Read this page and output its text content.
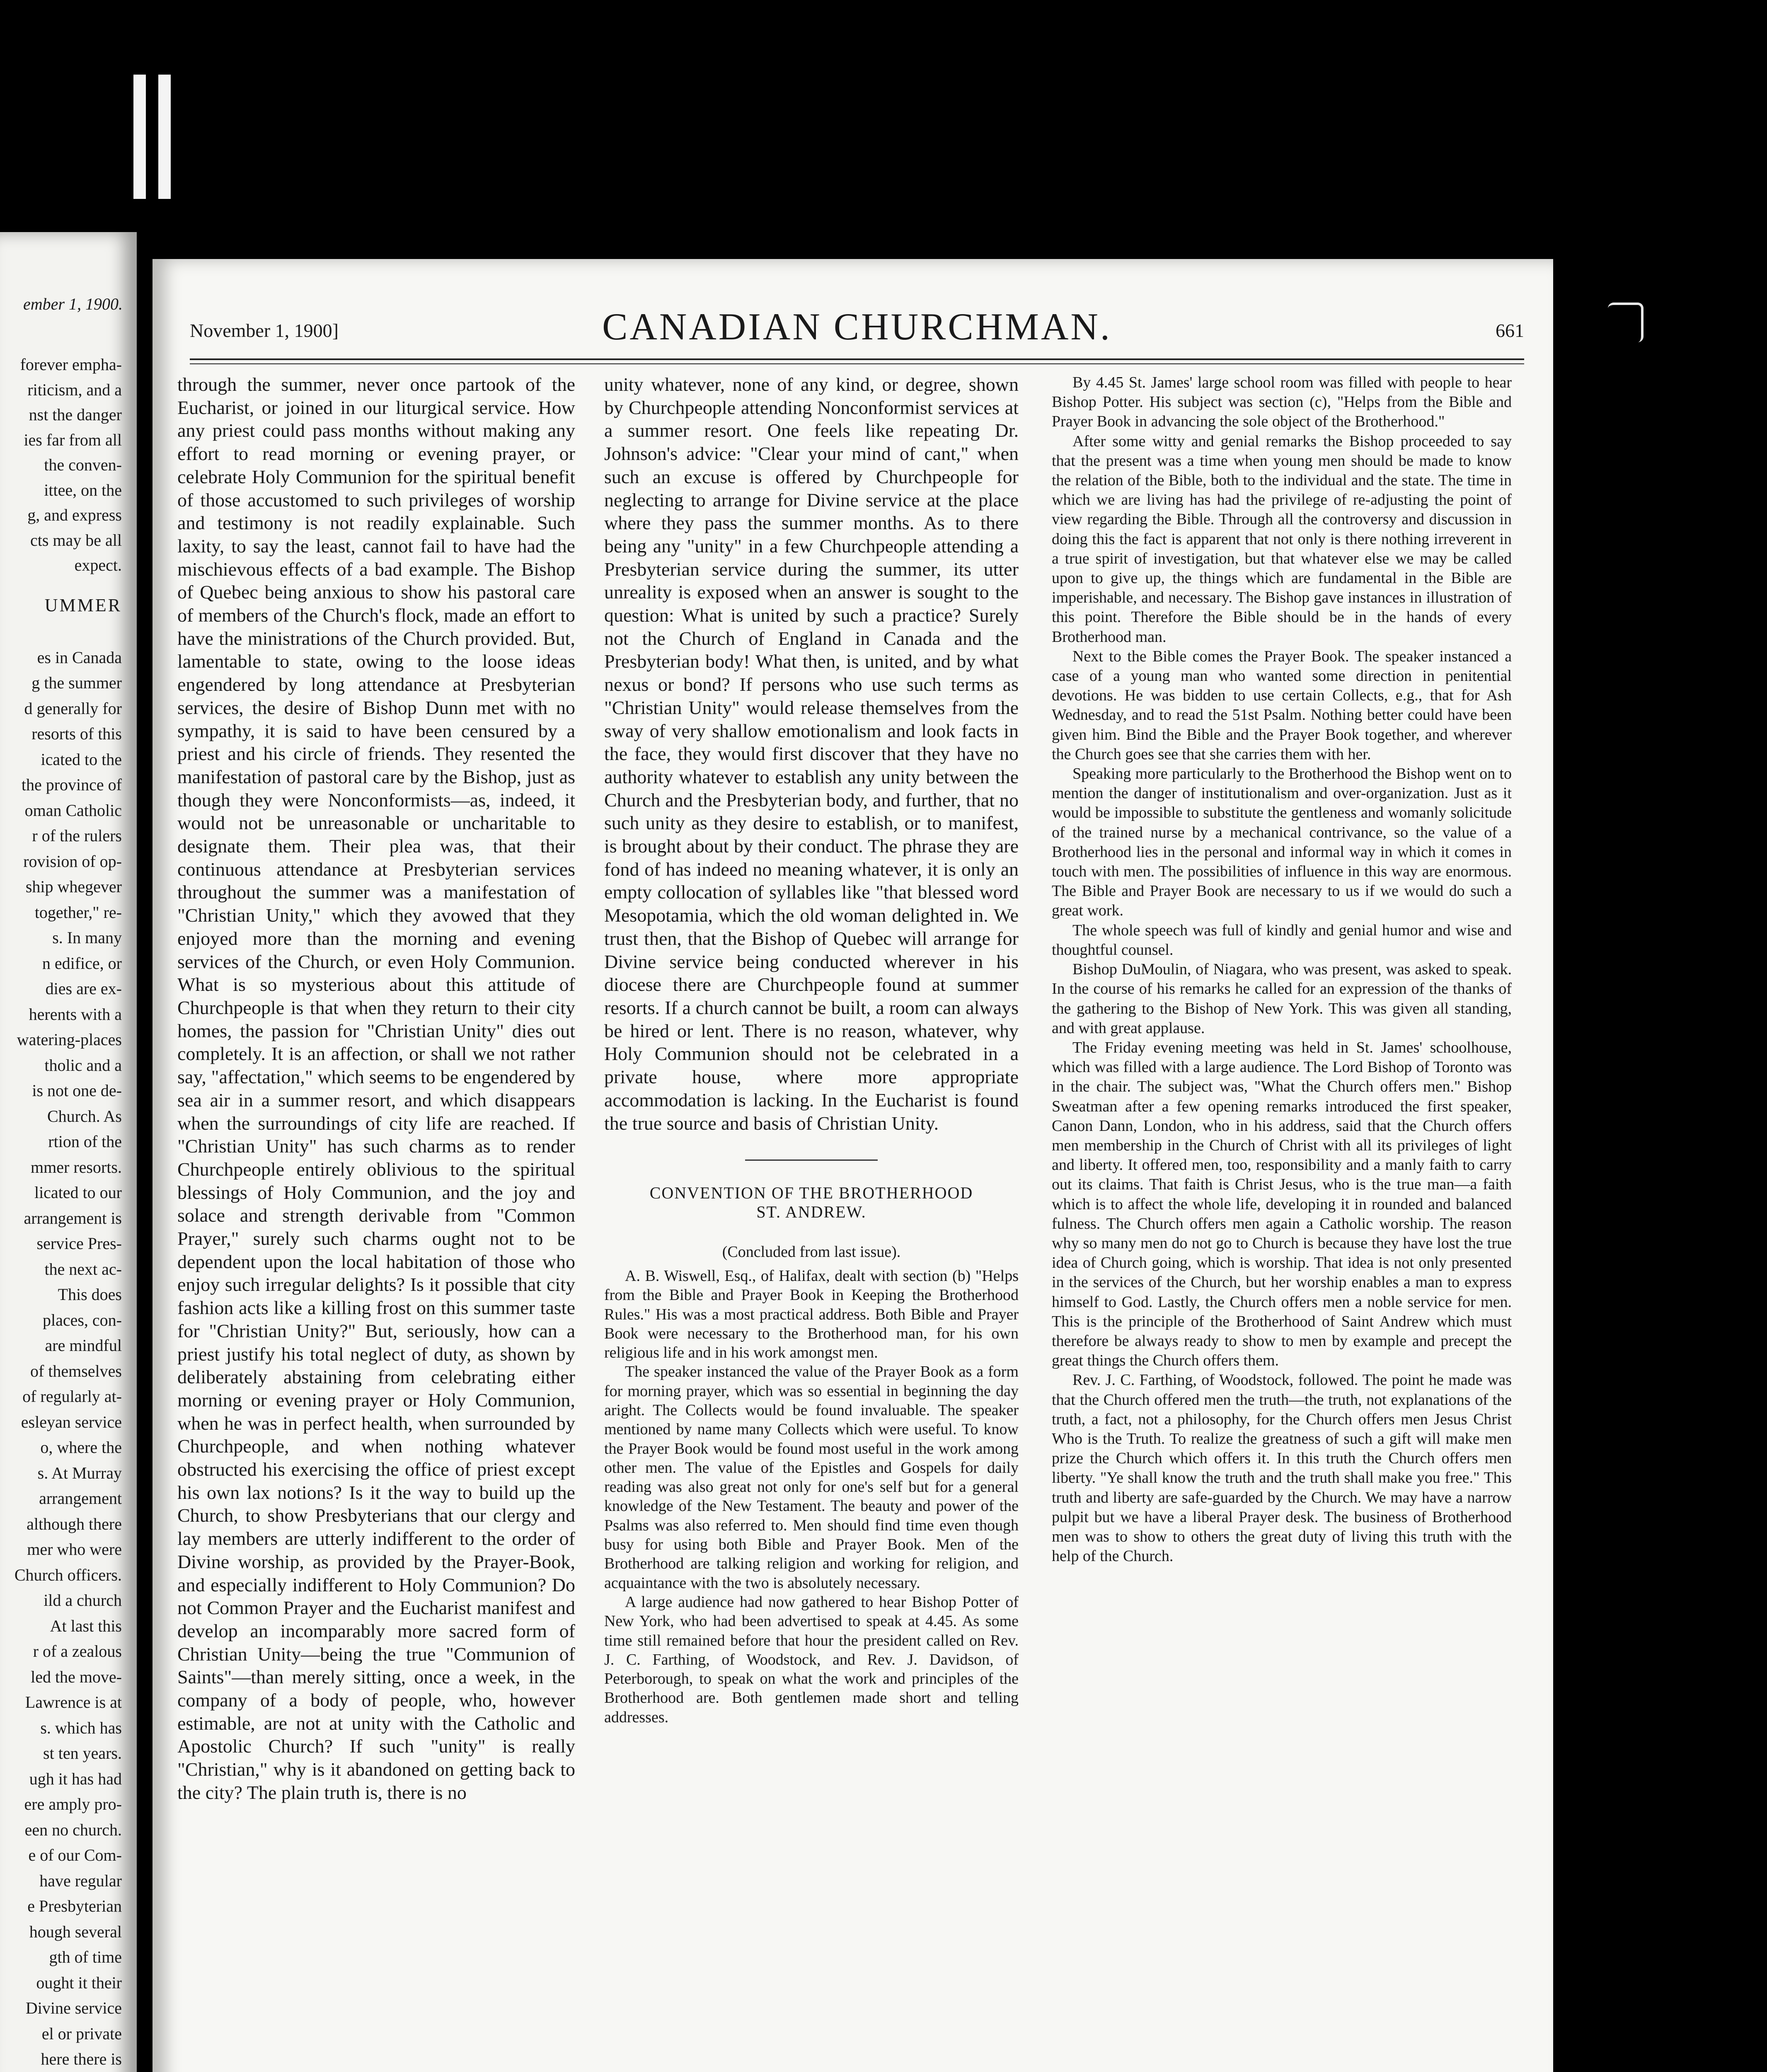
ember 1, 1900.
forever empha-
riticism, and a
nst the danger
ies far from all
the conven-
ittee, on the
g, and express
cts may be all
expect.
UMMER
es in Canada
g the summer
d generally for
resorts of this
icated to the
the province of
oman Catholic
r of the rulers
rovision of op-
ship whegever
together," re-
s. In many
n edifice, or
dies are ex-
herents with a
watering-places
tholic and a
is not one de-
Church. As
rtion of the
mmer resorts.
licated to our
arrangement is
service Pres-
the next ac-
This does
places, con-
are mindful
of themselves
of regularly at-
esleyan service
o, where the
s. At Murray
arrangement
although there
mer who were
Church officers.
ild a church
At last this
r of a zealous
led the move-
Lawrence is at
s. which has
st ten years.
ugh it has had
ere amply pro-
een no church.
e of our Com-
have regular
e Presbyterian
hough several
gth of time
ought it their
Divine service
el or private
here there is
November 1, 1900]	CANADIAN CHURCHMAN.	661

through the summer, never once partook of the Eucharist, or joined in our liturgical service. How any priest could pass months without making any effort to read morning or evening prayer, or celebrate Holy Communion for the spiritual benefit of those accustomed to such privileges of worship and testimony is not readily explainable. Such laxity, to say the least, cannot fail to have had the mischievous effects of a bad example. The Bishop of Quebec being anxious to show his pastoral care of members of the Church's flock, made an effort to have the ministrations of the Church provided. But, lamentable to state, owing to the loose ideas engendered by long attendance at Presbyterian services, the desire of Bishop Dunn met with no sympathy, it is said to have been censured by a priest and his circle of friends. They resented the manifestation of pastoral care by the Bishop, just as though they were Nonconformists—as, indeed, it would not be unreasonable or uncharitable to designate them. Their plea was, that their continuous attendance at Presbyterian services throughout the summer was a manifestation of "Christian Unity," which they avowed that they enjoyed more than the morning and evening services of the Church, or even Holy Communion. What is so mysterious about this attitude of Churchpeople is that when they return to their city homes, the passion for "Christian Unity" dies out completely. It is an affection, or shall we not rather say, "affectation," which seems to be engendered by sea air in a summer resort, and which disappears when the surroundings of city life are reached. If "Christian Unity" has such charms as to render Churchpeople entirely oblivious to the spiritual blessings of Holy Communion, and the joy and solace and strength derivable from "Common Prayer," surely such charms ought not to be dependent upon the local habitation of those who enjoy such irregular delights? Is it possible that city fashion acts like a killing frost on this summer taste for "Christian Unity?" But, seriously, how can a priest justify his total neglect of duty, as shown by deliberately abstaining from celebrating either morning or evening prayer or Holy Communion, when he was in perfect health, when surrounded by Churchpeople, and when nothing whatever obstructed his exercising the office of priest except his own lax notions? Is it the way to build up the Church, to show Presbyterians that our clergy and lay members are utterly indifferent to the order of Divine worship, as provided by the Prayer-Book, and especially indifferent to Holy Communion? Do not Common Prayer and the Eucharist manifest and develop an incomparably more sacred form of Christian Unity—being the true "Communion of Saints"—than merely sitting, once a week, in the company of a body of people, who, however estimable, are not at unity with the Catholic and Apostolic Church? If such "unity" is really "Christian," why is it abandoned on getting back to the city? The plain truth is, there is no

unity whatever, none of any kind, or degree, shown by Churchpeople attending Nonconformist services at a summer resort. One feels like repeating Dr. Johnson's advice: "Clear your mind of cant," when such an excuse is offered by Churchpeople for neglecting to arrange for Divine service at the place where they pass the summer months. As to there being any "unity" in a few Churchpeople attending a Presbyterian service during the summer, its utter unreality is exposed when an answer is sought to the question: What is united by such a practice? Surely not the Church of England in Canada and the Presbyterian body! What then, is united, and by what nexus or bond? If persons who use such terms as "Christian Unity" would release themselves from the sway of very shallow emotionalism and look facts in the face, they would first discover that they have no authority whatever to establish any unity between the Church and the Presbyterian body, and further, that no such unity as they desire to establish, or to manifest, is brought about by their conduct. The phrase they are fond of has indeed no meaning whatever, it is only an empty collocation of syllables like "that blessed word Mesopotamia, which the old woman delighted in. We trust then, that the Bishop of Quebec will arrange for Divine service being conducted wherever in his diocese there are Churchpeople found at summer resorts. If a church cannot be built, a room can always be hired or lent. There is no reason, whatever, why Holy Communion should not be celebrated in a private house, where more appropriate accommodation is lacking. In the Eucharist is found the true source and basis of Christian Unity.

CONVENTION OF THE BROTHERHOOD
ST. ANDREW.
(Concluded from last issue).

A. B. Wiswell, Esq., of Halifax, dealt with section (b) "Helps from the Bible and Prayer Book in Keeping the Brotherhood Rules." His was a most practical address. Both Bible and Prayer Book were necessary to the Brotherhood man, for his own religious life and in his work amongst men.

The speaker instanced the value of the Prayer Book as a form for morning prayer, which was so essential in beginning the day aright. The Collects would be found invaluable. The speaker mentioned by name many Collects which were useful. To know the Prayer Book would be found most useful in the work among other men. The value of the Epistles and Gospels for daily reading was also great not only for one's self but for a general knowledge of the New Testament. The beauty and power of the Psalms was also referred to. Men should find time even though busy for using both Bible and Prayer Book. Men of the Brotherhood are talking religion and working for religion, and acquaintance with the two is absolutely necessary.

A large audience had now gathered to hear Bishop Potter of New York, who had been advertised to speak at 4.45. As some time still remained before that hour the president called on Rev. J. C. Farthing, of Woodstock, and Rev. J. Davidson, of Peterborough, to speak on what the work and principles of the Brotherhood are. Both gentlemen made short and telling addresses.

By 4.45 St. James' large school room was filled with people to hear Bishop Potter. His subject was section (c), "Helps from the Bible and Prayer Book in advancing the sole object of the Brotherhood."

After some witty and genial remarks the Bishop proceeded to say that the present was a time when young men should be made to know the relation of the Bible, both to the individual and the state. The time in which we are living has had the privilege of re-adjusting the point of view regarding the Bible. Through all the controversy and discussion in doing this the fact is apparent that not only is there nothing irreverent in a true spirit of investigation, but that whatever else we may be called upon to give up, the things which are fundamental in the Bible are imperishable, and necessary. The Bishop gave instances in illustration of this point. Therefore the Bible should be in the hands of every Brotherhood man.

Next to the Bible comes the Prayer Book. The speaker instanced a case of a young man who wanted some direction in penitential devotions. He was bidden to use certain Collects, e.g., that for Ash Wednesday, and to read the 51st Psalm. Nothing better could have been given him. Bind the Bible and the Prayer Book together, and wherever the Church goes see that she carries them with her.

Speaking more particularly to the Brotherhood the Bishop went on to mention the danger of institutionalism and over-organization. Just as it would be impossible to substitute the gentleness and womanly solicitude of the trained nurse by a mechanical contrivance, so the value of a Brotherhood lies in the personal and informal way in which it comes in touch with men. The possibilities of influence in this way are enormous. The Bible and Prayer Book are necessary to us if we would do such a great work.

The whole speech was full of kindly and genial humor and wise and thoughtful counsel.

Bishop DuMoulin, of Niagara, who was present, was asked to speak. In the course of his remarks he called for an expression of the thanks of the gathering to the Bishop of New York. This was given all standing, and with great applause.

The Friday evening meeting was held in St. James' schoolhouse, which was filled with a large audience. The Lord Bishop of Toronto was in the chair. The subject was, "What the Church offers men." Bishop Sweatman after a few opening remarks introduced the first speaker, Canon Dann, London, who in his address, said that the Church offers men membership in the Church of Christ with all its privileges of light and liberty. It offered men, too, responsibility and a manly faith to carry out its claims. That faith is Christ Jesus, who is the true man—a faith which is to affect the whole life, developing it in rounded and balanced fulness. The Church offers men again a Catholic worship. The reason why so many men do not go to Church is because they have lost the true idea of Church going, which is worship. That idea is not only presented in the services of the Church, but her worship enables a man to express himself to God. Lastly, the Church offers men a noble service for men. This is the principle of the Brotherhood of Saint Andrew which must therefore be always ready to show to men by example and precept the great things the Church offers them.

Rev. J. C. Farthing, of Woodstock, followed. The point he made was that the Church offered men the truth—the truth, not explanations of the truth, a fact, not a philosophy, for the Church offers men Jesus Christ Who is the Truth. To realize the greatness of such a gift will make men prize the Church which offers it. In this truth the Church offers men liberty. "Ye shall know the truth and the truth shall make you free." This truth and liberty are safe-guarded by the Church. We may have a narrow pulpit but we have a liberal Prayer desk. The business of Brotherhood men was to show to others the great duty of living this truth with the help of the Church.
